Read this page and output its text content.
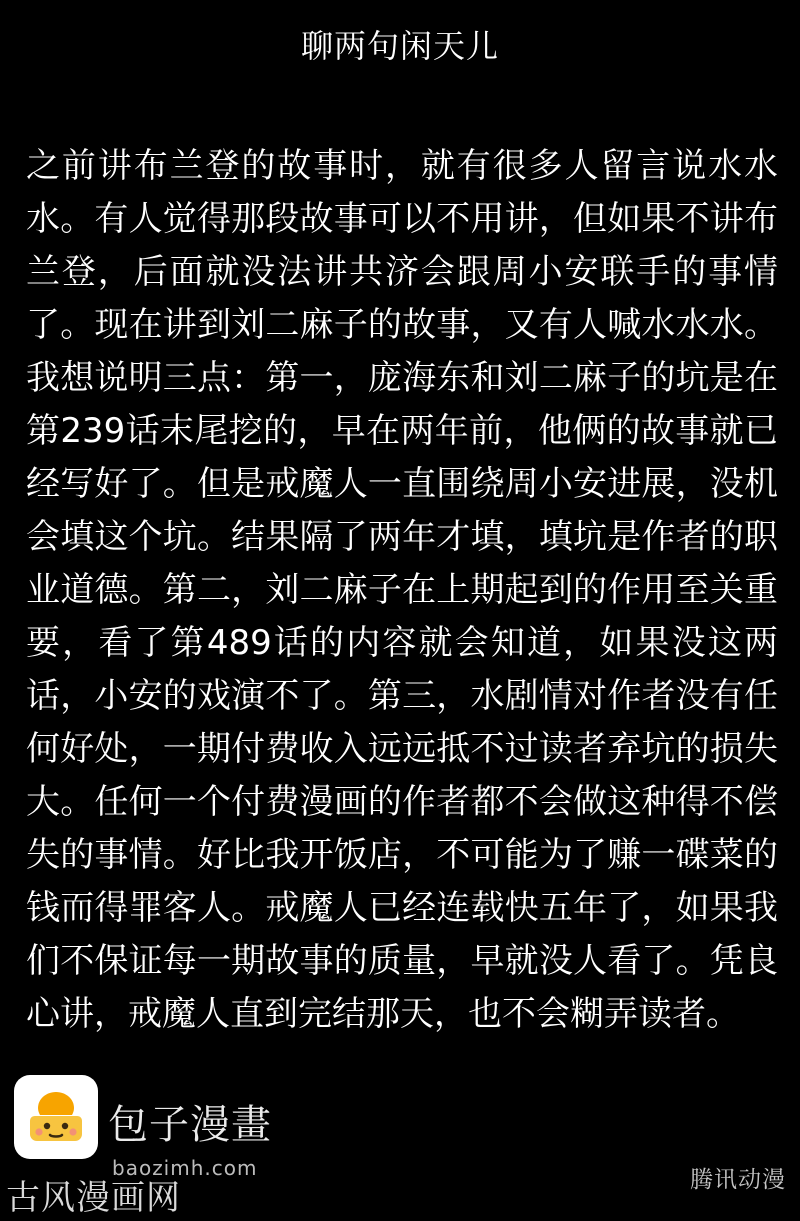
聊两句闲天儿
之前讲布兰登的故事时，就有很多人留言说水水水。有人觉得那段故事可以不用讲，但如果不讲布兰登，后面就没法讲共济会跟周小安联手的事情了。现在讲到刘二麻子的故事，又有人喊水水水。我想说明三点：第一，庞海东和刘二麻子的坑是在第239话末尾挖的，早在两年前，他俩的故事就已经写好了。但是戒魔人一直围绕周小安进展，没机会填这个坑。结果隔了两年才填，填坑是作者的职业道德。第二，刘二麻子在上期起到的作用至关重要，看了第489话的内容就会知道，如果没这两话，小安的戏演不了。第三，水剧情对作者没有任何好处，一期付费收入远远抵不过读者弃坑的损失大。任何一个付费漫画的作者都不会做这种得不偿失的事情。好比我开饭店，不可能为了赚一碟菜的钱而得罪客人。戒魔人已经连载快五年了，如果我们不保证每一期故事的质量，早就没人看了。凭良心讲，戒魔人直到完结那天，也不会糊弄读者。
包子漫畫
baozimh.com
古风漫画网	腾讯动漫
